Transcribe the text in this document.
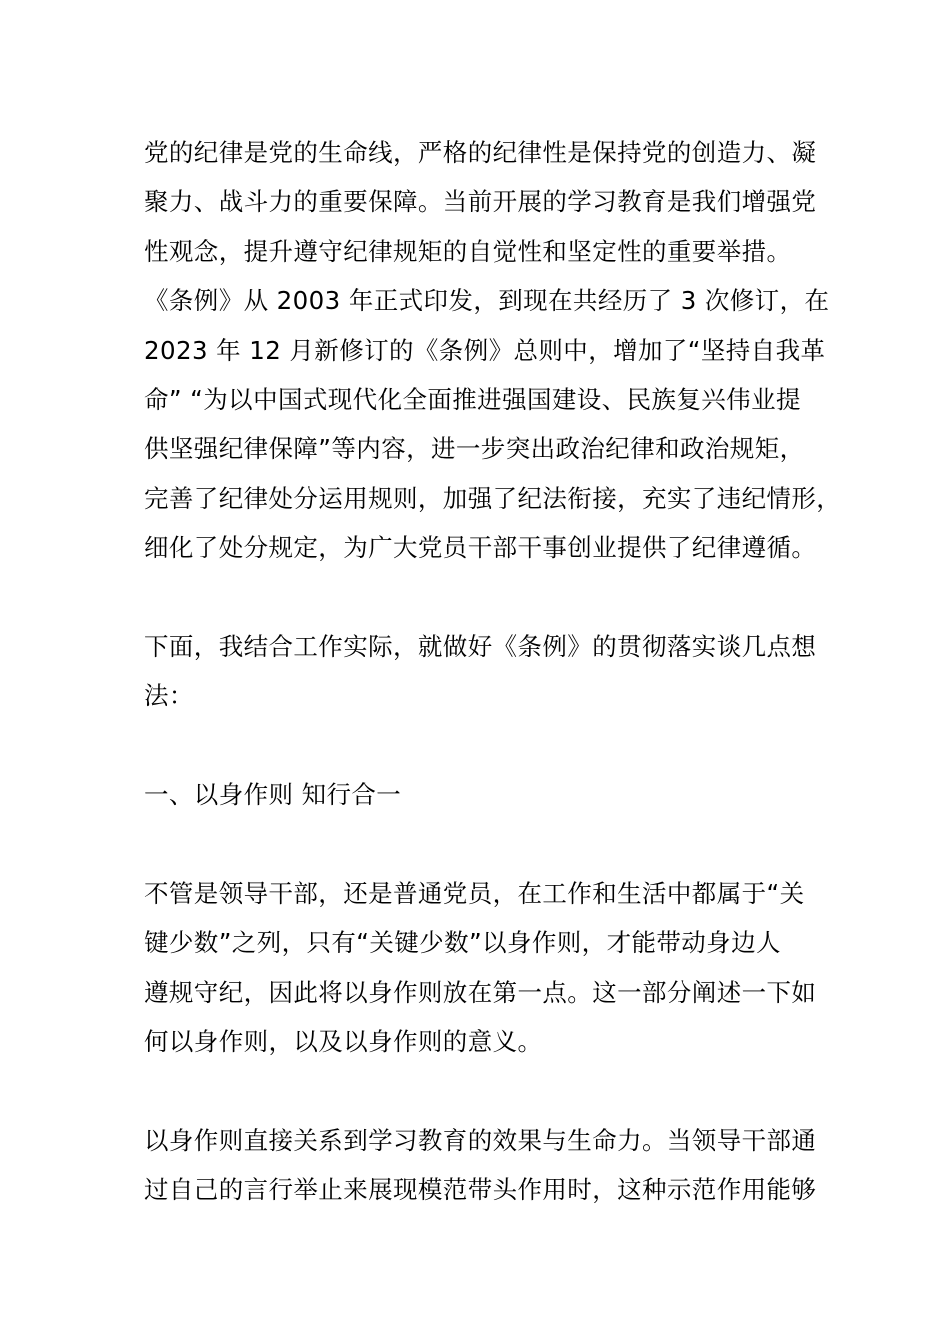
党的纪律是党的生命线，严格的纪律性是保持党的创造力、凝
聚力、战斗力的重要保障。当前开展的学习教育是我们增强党
性观念，提升遵守纪律规矩的自觉性和坚定性的重要举措。
《条例》从 2003 年正式印发，到现在共经历了 3 次修订，在
2023 年 12 月新修订的《条例》总则中，增加了“坚持自我革
命” “为以中国式现代化全面推进强国建设、民族复兴伟业提
供坚强纪律保障”等内容，进一步突出政治纪律和政治规矩，
完善了纪律处分运用规则，加强了纪法衔接，充实了违纪情形，
细化了处分规定，为广大党员干部干事创业提供了纪律遵循。
下面，我结合工作实际，就做好《条例》的贯彻落实谈几点想
法：
一、以身作则 知行合一
不管是领导干部，还是普通党员，在工作和生活中都属于“关
键少数”之列，只有“关键少数”以身作则，才能带动身边人
遵规守纪，因此将以身作则放在第一点。这一部分阐述一下如
何以身作则，以及以身作则的意义。
以身作则直接关系到学习教育的效果与生命力。当领导干部通
过自己的言行举止来展现模范带头作用时，这种示范作用能够
